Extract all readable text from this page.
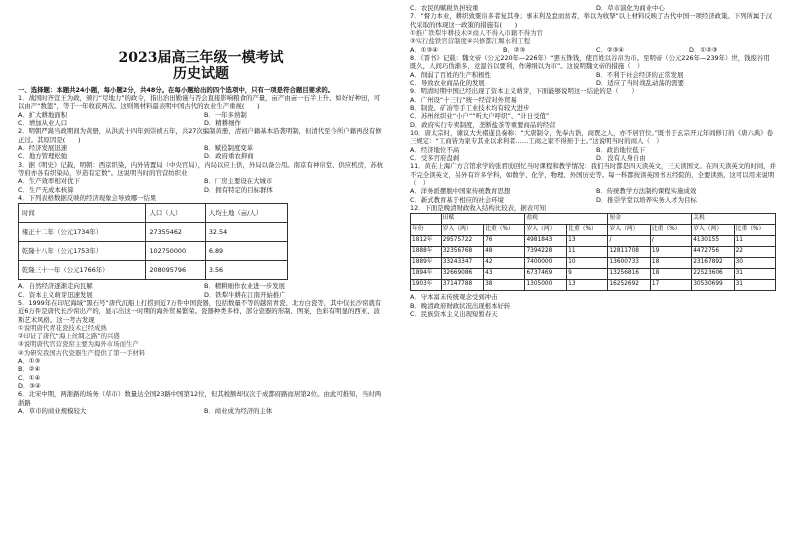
2023届高三年级一模考试
历史试题

一、选择题：本题共24小题，每小题2分，共48分。在每小题给出的四个选项中，只有一项是符合题目要求的。

1．战国时齐宣王为政，颁行“尽地力”的政令，指出治田勤谨与否会直接影响粮食的产量，亩产由亩一石半上升、如好好种田，可以由产“数篮”，等于一年收获两次。这则则材料最表明中国古代的农业生产重视(　　)

A．扩大耕地面积	B．一年多熟制
C．增加从业人口	D．精耕细作

2．明朝严嵩当政期间为黄册，从洪武十四年到崇祯五年，共27次编制黄册，清初户籍基本沿袭明制，但清代至今所户籍再没有修正过。其原因是(　　)

A．经济发展迅速	B．赋役制度变革
C．地方管理松弛	D．政府重农抑商

3．据《明史》记载，明朝：西京织染，内外皆置局（中央官局），内局以应上供，外局以备公用。南京有神帛堂、供应机房，苏杭等府亦各有织染局，岁造有定数”。这说明当时的官营纺织业

A．生产效率相对优下	B．厂房主要设在大城市
C．生产无成本核算	D．拥有特定的目标群体

4．下列表格数据反映的经济现象会导致哪一结果

时间	人口（人）	人均土地（亩/人）
雍正十二年（公元1734年）	27355462	32.54
乾隆十八年（公元1753年）	102750000	6.89
乾隆三十一年（公元1766年）	208095796	3.56
A．自然经济逐渐走向瓦解	B．精耕细作农业进一步发展
C．资本主义萌芽迅速发展	D．铁犁牛耕在江南开始推广

5．1999年在印尼海域“黑石号”唐代沉船上打捞到近7万件中国瓷器，包括数量不等的越窑青瓷、北方白瓷等，其中仅长沙窑就有近6万件是唐代长沙窑出产的，显示出这一时期的海外贸易繁荣。瓷器种类多样，部分瓷器的形制、图案，色彩有明显的西亚、波斯艺术风格。这一考古发现

①说明唐代青花瓷技术已经成熟

②印证了唐代“海上丝绸之路”的兴盛

③说明唐代官营瓷窑主要为海外市场而生产

④为研究我国古代瓷器生产提供了第一手材料

A．①③

B．②④

C．①④

D．③④

6．北宋中期，两浙路的场务（草市）数量达全国23路中国第12位，但其税额却仅次于成都府路而居第2位。由此可推知，当时两浙路

A．草市的商业规模较大	B．商业成为经济的主体
C．农民的赋税负担较重	D．草市演化为商业中心

7．“督力本业，耕织致粟帛多者复其身；事末利及怠而贫者，举以为收孥”以上材料反映了古代中国一项经济政策。下列所属于汉代采取的体现这一政策的措施有(　　)

①推广铁犁牛耕技术②商人不得入市籍不得为官

③实行盐铁官营制度④兴修都江堰水利工程

A．①③④	B．②③	C．②③④	D．①②③

8．《晋书》记载：魏文帝（公元220年—226年）“罢五铢钱，使百姓以谷帛为市。至明帝（公元226年—239年）世，钱废谷用既久，人间巧伪渐多，竞湿谷以要利，作薄绢以为市”。这说明魏文帝的措施（　）

A．削弱了百姓的生产积极性	B．不利于社会经济的正常发展
C．导致农业商品化的发展	D．适应了当时战乱动荡的需要

9．明清时期中国已经出现了资本主义萌芽，下面能够说明这一结论的是（　　）

A．广州设“十三行”统一经营对外贸易

B．制瓷、矿冶等手工业技术均有较大进步

C．苏州丝织业“小户”“听大户呼织”、“计日受值”

D．政府实行专卖制度，垄断盐茶等重要商品的经营

10．唐太宗时，谏议大夫褚遂良奏称：“大唐制令，先奉古诰，商贾之人，亦不居官位。”既书于玄宗开元年间修订的《唐六典》卷三规定：“工商皆为家专其业以求利者……工商之家不得预于士。”这说明当时的商人（　）

A．经济地位不高	B．政治地位低下
C．受多宫府盘剥	D．没有人身自由

11．黄在上海广方言馆求学的张君劢回忆当时课程和教学情况：我们当时都是四天读英文，三天读国文。在四天读英文的时间，并不完全读英文，另外有许多学科，如数学、化学、物理、外国历史等。每一科都按读英国书五经院的，全要读熟，这可以用来说明（　）

A．洋务派摆脱中国家传统教育思想	B．传统教学方法制约课程实施成效
C．新式教育基于相应的社会环境	D．推崇学堂以培养实务人才为目标

12．下面是晚清财政收入结构比较表，据表可知

	田赋		盐税		厘金		关税	
年份	岁入（两）	比重（%）	岁入（两）	比重（%）	岁入（两）	比重（%）	岁入（两）	比重（%）
1812年	29575722	76	4981843	13	/	/	4130155	11
1888年	32356768	48	7394228	11	12811708	19	4472756	22
1889年	33243347	42	7400000	10	13600733	18	23167892	30
1894年	32669086	43	6737469	9	13256816	18	22523606	31
1903年	37147788	38	1305000	13	16252692	17	30530699	31

A．守本富末传统观念受到冲击

B．晚清政府财政状况出现根本好转

C．民族资本主义出现短暂春天
